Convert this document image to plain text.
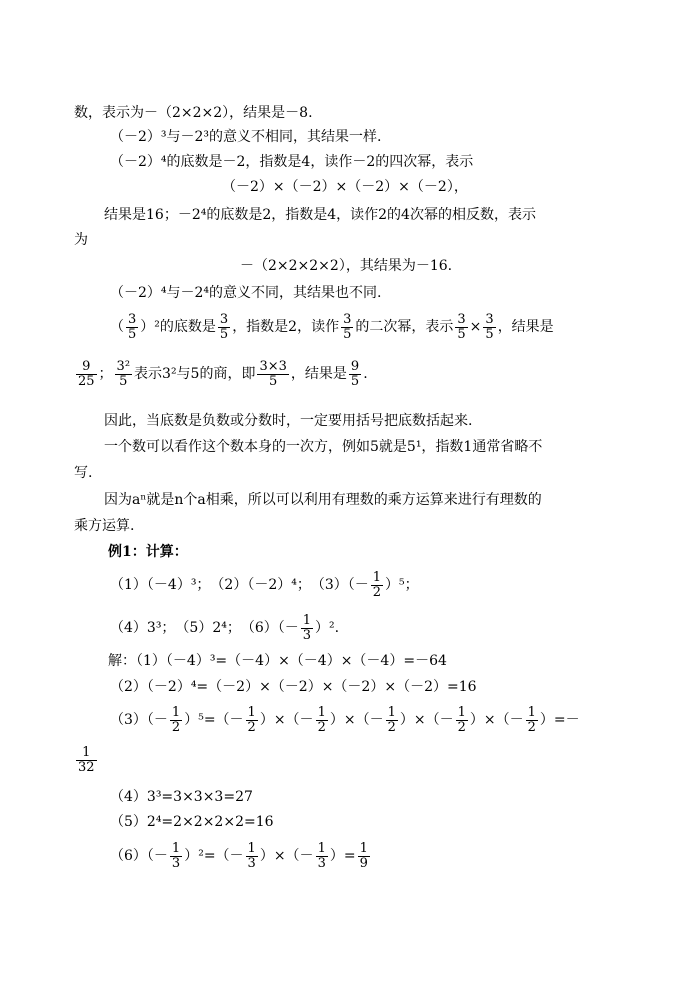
数，表示为－（2×2×2），结果是－8.
（－2）³与－2³的意义不相同，其结果一样.
（－2）⁴的底数是－2，指数是4，读作－2的四次幂，表示
（－2）×（－2）×（－2）×（－2），
结果是16；－2⁴的底数是2，指数是4，读作2的4次幂的相反数，表示
为
－（2×2×2×2），其结果为－16.
（－2）⁴与－2⁴的意义不同，其结果也不同.
（ $\frac{3}{5} )^2$的底数是 $\frac{3}{5}$ ，指数是2，读作 $\frac{3}{5}$ 的二次幂，表示 $\frac{3}{5} \times \frac{3}{5}$ ，结果是
$\frac{9}{25}$ ； $\frac{\text{3²}}{5}$ 表示3²与5的商，即 $\frac{3\times 3}{5}$ ，结果是 $\frac{9}{5}$ .
因此，当底数是负数或分数时，一定要用括号把底数括起来.
一个数可以看作这个数本身的一次方，例如5就是5¹，指数1通常省略不
写.
因为aⁿ就是n个a相乘，所以可以利用有理数的乘方运算来进行有理数的
乘方运算.
例1：计算：
（1）（－4）³；　（2）（－2）⁴；　$(3)(- \frac{1}{2} )^5$；
（4）3³；　（5）2⁴；　$(6)(- \frac{1}{3} )^2$.
解：（1）（－4）³=（－4）×（－4）×（－4）=－64
（2）（－2）⁴=（－2）×（－2）×（－2）×（－2）=16
$(3)(- \frac{1}{2} )^5=(- \frac{1}{2}$ ）×（－ $\frac{1}{2}$ ）×（－ $\frac{1}{2}$ ）×（－ $\frac{1}{2}$ ）×（－ $\frac{1}{2}$ ）=－
$\frac{1}{32}$
（4）3³=3×3×3=27
（5）2⁴=2×2×2×2=16
$(6)(- \frac{1}{3} )^2=(- \frac{1}{3}$ ）×（－ $\frac{1}{3}$ ）= $\frac{1}{9}$
